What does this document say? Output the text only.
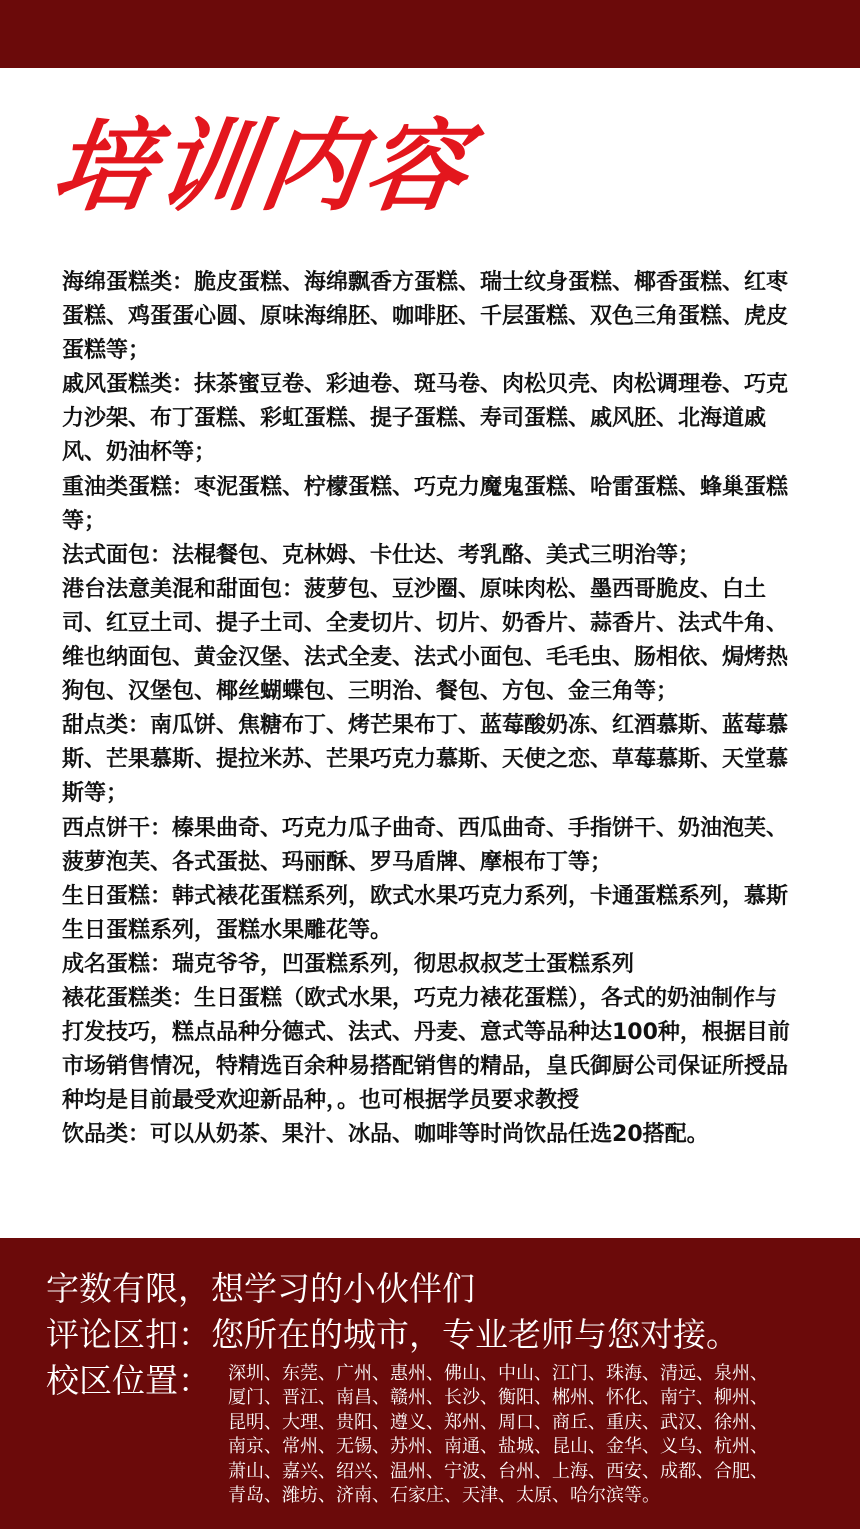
培训内容

海绵蛋糕类：脆皮蛋糕、海绵飘香方蛋糕、瑞士纹身蛋糕、椰香蛋糕、红枣蛋糕、鸡蛋蛋心圆、原味海绵胚、咖啡胚、千层蛋糕、双色三角蛋糕、虎皮蛋糕等；

戚风蛋糕类：抹茶蜜豆卷、彩迪卷、斑马卷、肉松贝壳、肉松调理卷、巧克力沙架、布丁蛋糕、彩虹蛋糕、提子蛋糕、寿司蛋糕、戚风胚、北海道戚风、奶油杯等；

重油类蛋糕：枣泥蛋糕、柠檬蛋糕、巧克力魔鬼蛋糕、哈雷蛋糕、蜂巢蛋糕等；

法式面包：法棍餐包、克林姆、卡仕达、考乳酪、美式三明治等；

港台法意美混和甜面包：菠萝包、豆沙圈、原味肉松、墨西哥脆皮、白土司、红豆土司、提子土司、全麦切片、切片、奶香片、蒜香片、法式牛角、维也纳面包、黄金汉堡、法式全麦、法式小面包、毛毛虫、肠相依、焗烤热狗包、汉堡包、椰丝蝴蝶包、三明治、餐包、方包、金三角等；

甜点类：南瓜饼、焦糖布丁、烤芒果布丁、蓝莓酸奶冻、红酒慕斯、蓝莓慕斯、芒果慕斯、提拉米苏、芒果巧克力慕斯、天使之恋、草莓慕斯、天堂慕斯等；

西点饼干：榛果曲奇、巧克力瓜子曲奇、西瓜曲奇、手指饼干、奶油泡芙、菠萝泡芙、各式蛋挞、玛丽酥、罗马盾牌、摩根布丁等；

生日蛋糕：韩式裱花蛋糕系列，欧式水果巧克力系列，卡通蛋糕系列，慕斯生日蛋糕系列，蛋糕水果雕花等。

成名蛋糕：瑞克爷爷，凹蛋糕系列，彻思叔叔芝士蛋糕系列

裱花蛋糕类：生日蛋糕（欧式水果，巧克力裱花蛋糕），各式的奶油制作与打发技巧，糕点品种分德式、法式、丹麦、意式等品种达100种，根据目前市场销售情况，特精选百余种易搭配销售的精品，皇氏御厨公司保证所授品种均是目前最受欢迎新品种，。也可根据学员要求教授

饮品类：可以从奶茶、果汁、冰品、咖啡等时尚饮品任选20搭配。

字数有限，想学习的小伙伴们
评论区扣：您所在的城市，专业老师与您对接。
校区位置： 深圳、东莞、广州、惠州、佛山、中山、江门、珠海、清远、泉州、
厦门、晋江、南昌、赣州、长沙、衡阳、郴州、怀化、南宁、柳州、
昆明、大理、贵阳、遵义、郑州、周口、商丘、重庆、武汉、徐州、
南京、常州、无锡、苏州、南通、盐城、昆山、金华、义乌、杭州、
萧山、嘉兴、绍兴、温州、宁波、台州、上海、西安、成都、合肥、
青岛、潍坊、济南、石家庄、天津、太原、哈尔滨等。
